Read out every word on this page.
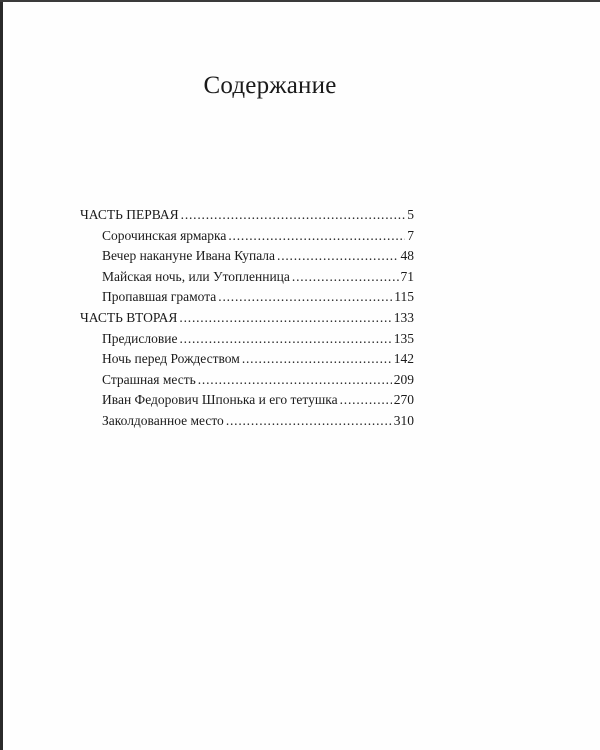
Содержание
ЧАСТЬ ПЕРВАЯ .....	5
Сорочинская ярмарка .....	7
Вечер накануне Ивана Купала .....	48
Майская ночь, или Утопленница .....	71
Пропавшая грамота .....	115
ЧАСТЬ ВТОРАЯ .....	133
Предисловие .....	135
Ночь перед Рождеством .....	142
Страшная месть .....	209
Иван Федорович Шпонька и его тетушка .....	270
Заколдованное место .....	310
